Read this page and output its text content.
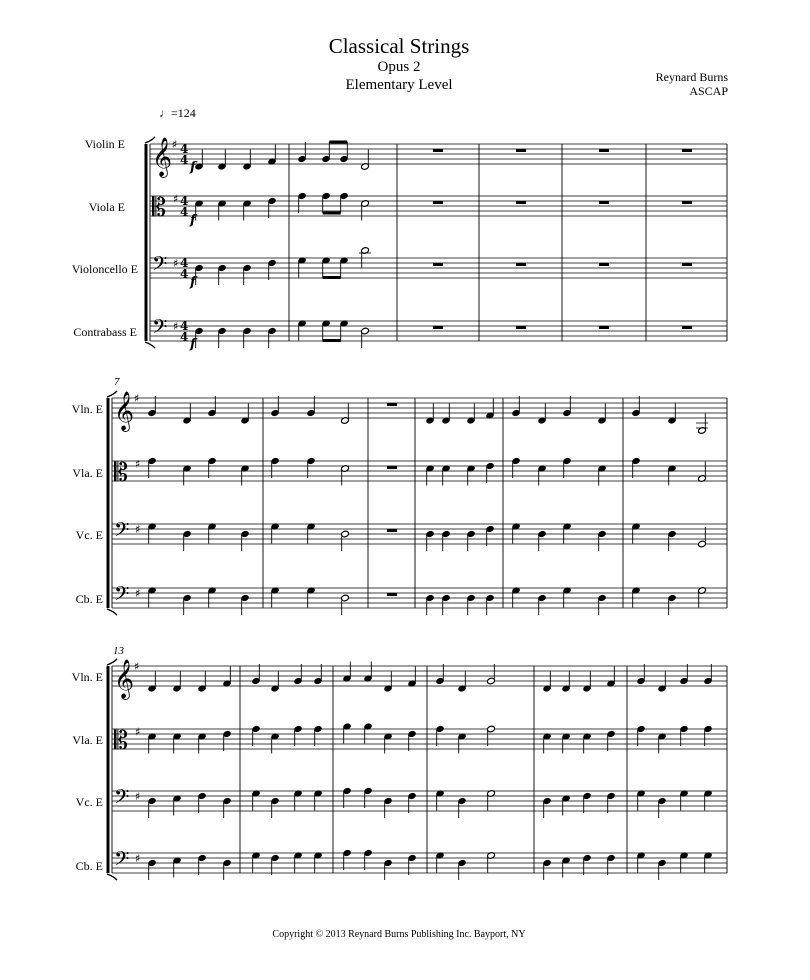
Classical Strings
Opus 2
Elementary Level	Reynard Burns
ASCAP
♩=124
Violin E
Viola E
Violoncello E
Contrabass E
7
Vln. E
Vla. E
Vc. E
Cb. E
13
Vln. E
Vla. E
Vc. E
Cb. E
Copyright © 2013 Reynard Burns Publishing Inc. Bayport, NY
𝄞 ♯ 4
4
𝄡 ♯ 4
4
𝄢 ♯ 4
4
𝄢 ♯ 4
4
𝄞 ♯
𝄡 ♯
𝄢 ♯
𝄢 ♯
𝄞 ♯
𝄡 ♯
𝄢 ♯
𝄢 ♯
f
f
f
f
